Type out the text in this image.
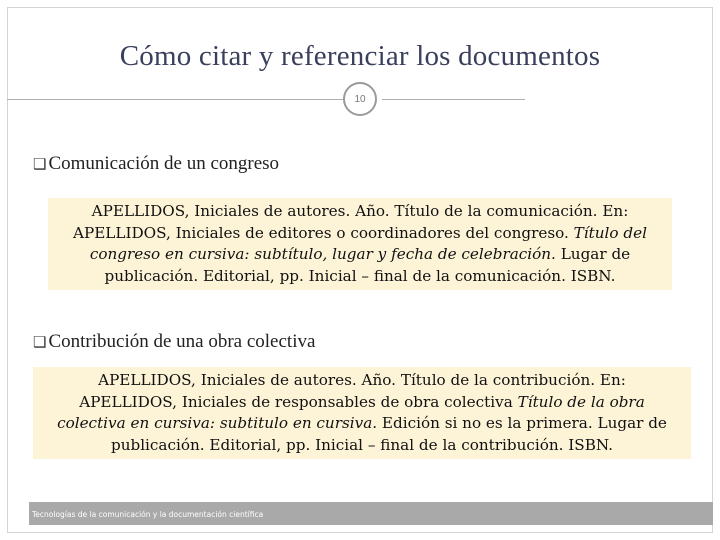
Cómo citar y referenciar los documentos
10
❑ Comunicación de un congreso
APELLIDOS, Iniciales de autores. Año. Título de la comunicación. En:
APELLIDOS, Iniciales de editores o coordinadores del congreso. Título del
congreso en cursiva: subtítulo, lugar y fecha de celebración. Lugar de
publicación. Editorial, pp. Inicial – final de la comunicación. ISBN.
❑ Contribución de una obra colectiva
APELLIDOS, Iniciales de autores. Año. Título de la contribución. En:
APELLIDOS, Iniciales de responsables de obra colectiva Título de la obra
colectiva en cursiva: subtitulo en cursiva. Edición si no es la primera. Lugar de
publicación. Editorial, pp. Inicial – final de la contribución. ISBN.
Tecnologías de la comunicación y la documentación científica
